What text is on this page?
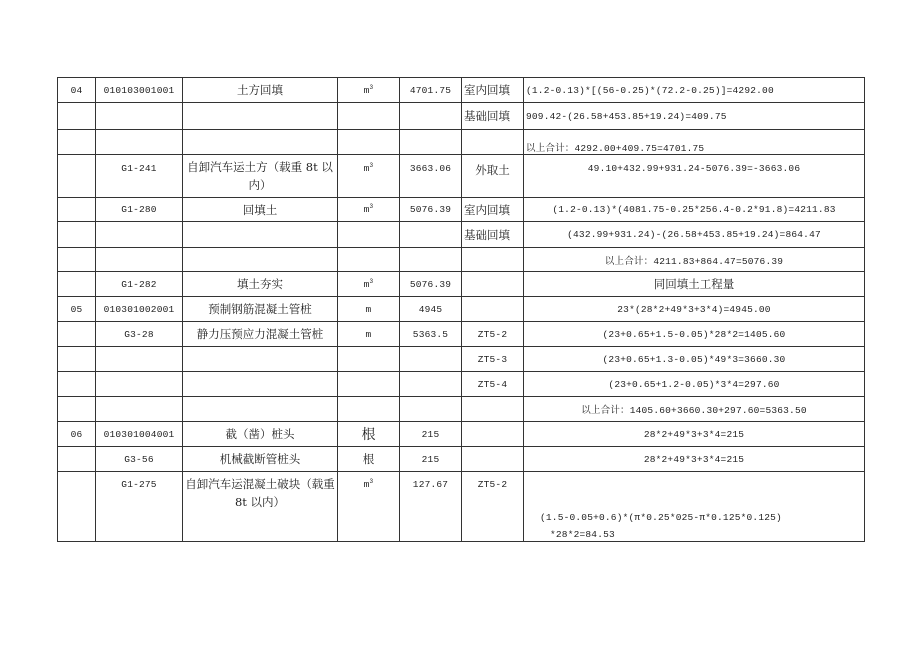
04	010103001001	土方回填	$m^3$	4701.75	室内回填	(1.2-0.13)*[(56-0.25)*(72.2-0.25)]=4292.00
					基础回填	909.42-(26.58+453.85+19.24)=409.75
						以上合计：4292.00+409.75=4701.75
	G1-241	自卸汽车运土方（载重 8t 以内）	$m^3$	3663.06	外取土	49.10+432.99+931.24-5076.39=-3663.06
	G1-280	回填土	$m^3$	5076.39	室内回填	(1.2-0.13)*(4081.75-0.25*256.4-0.2*91.8)=4211.83
					基础回填	(432.99+931.24)-(26.58+453.85+19.24)=864.47
						以上合计：4211.83+864.47=5076.39
	G1-282	填土夯实	$m^3$	5076.39		同回填土工程量
05	010301002001	预制钢筋混凝土管桩	m	4945		23*(28*2+49*3+3*4)=4945.00
	G3-28	静力压预应力混凝土管桩	m	5363.5	ZT5-2	(23+0.65+1.5-0.05)*28*2=1405.60
					ZT5-3	(23+0.65+1.3-0.05)*49*3=3660.30
					ZT5-4	(23+0.65+1.2-0.05)*3*4=297.60
						以上合计：1405.60+3660.30+297.60=5363.50
06	010301004001	截（凿）桩头	根	215		28*2+49*3+3*4=215
	G3-56	机械截断管桩头	根	215		28*2+49*3+3*4=215
	G1-275	自卸汽车运混凝土破块（载重8t 以内）	$m^3$	127.67	ZT5-2	(1.5-0.05+0.6)*(π*0.25*025-π*0.125*0.125)
*28*2=84.53
